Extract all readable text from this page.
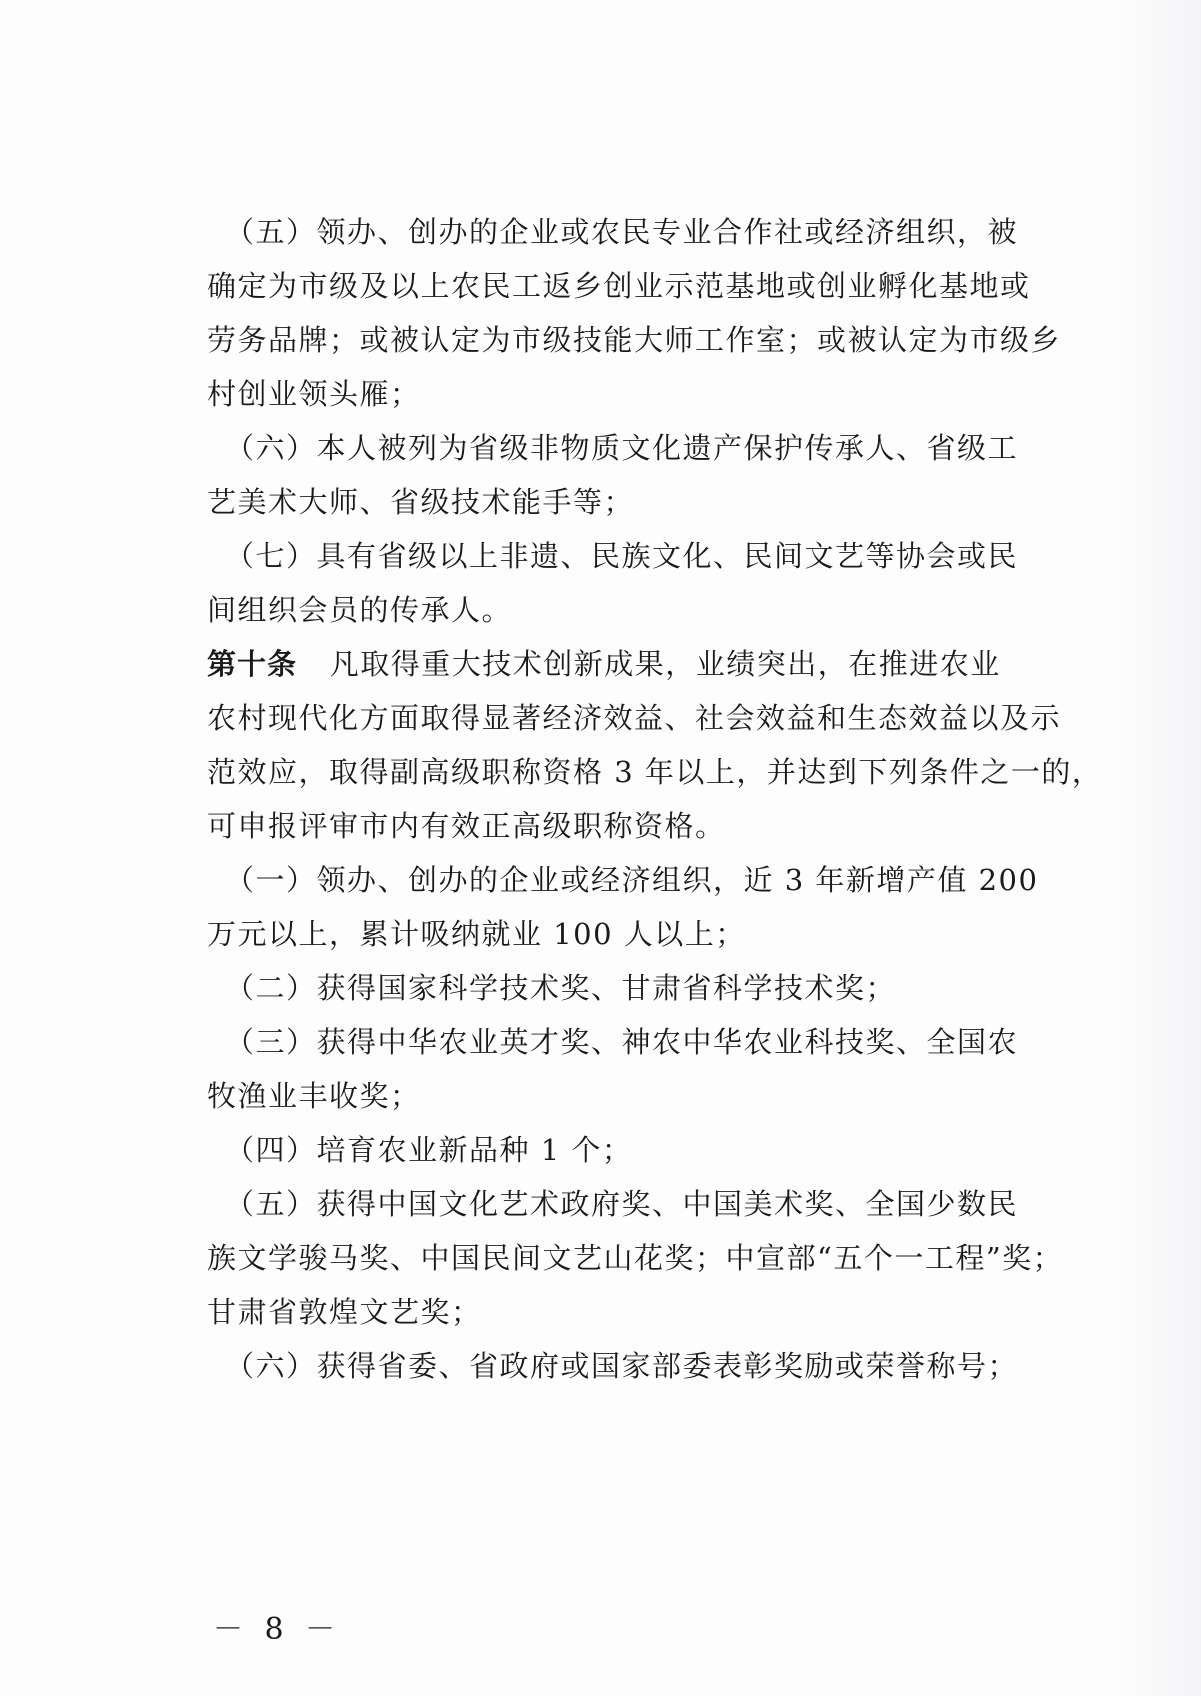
（五）领办、创办的企业或农民专业合作社或经济组织，被
确定为市级及以上农民工返乡创业示范基地或创业孵化基地或
劳务品牌；或被认定为市级技能大师工作室；或被认定为市级乡
村创业领头雁；
（六）本人被列为省级非物质文化遗产保护传承人、省级工
艺美术大师、省级技术能手等；
（七）具有省级以上非遗、民族文化、民间文艺等协会或民
间组织会员的传承人。
第十条 凡取得重大技术创新成果，业绩突出，在推进农业
农村现代化方面取得显著经济效益、社会效益和生态效益以及示
范效应，取得副高级职称资格 3 年以上，并达到下列条件之一的，
可申报评审市内有效正高级职称资格。
（一）领办、创办的企业或经济组织，近 3 年新增产值 200
万元以上，累计吸纳就业 100 人以上；
（二）获得国家科学技术奖、甘肃省科学技术奖；
（三）获得中华农业英才奖、神农中华农业科技奖、全国农
牧渔业丰收奖；
（四）培育农业新品种 1 个；
（五）获得中国文化艺术政府奖、中国美术奖、全国少数民
族文学骏马奖、中国民间文艺山花奖；中宣部“五个一工程”奖；
甘肃省敦煌文艺奖；
（六）获得省委、省政府或国家部委表彰奖励或荣誉称号；
－ 8 －
